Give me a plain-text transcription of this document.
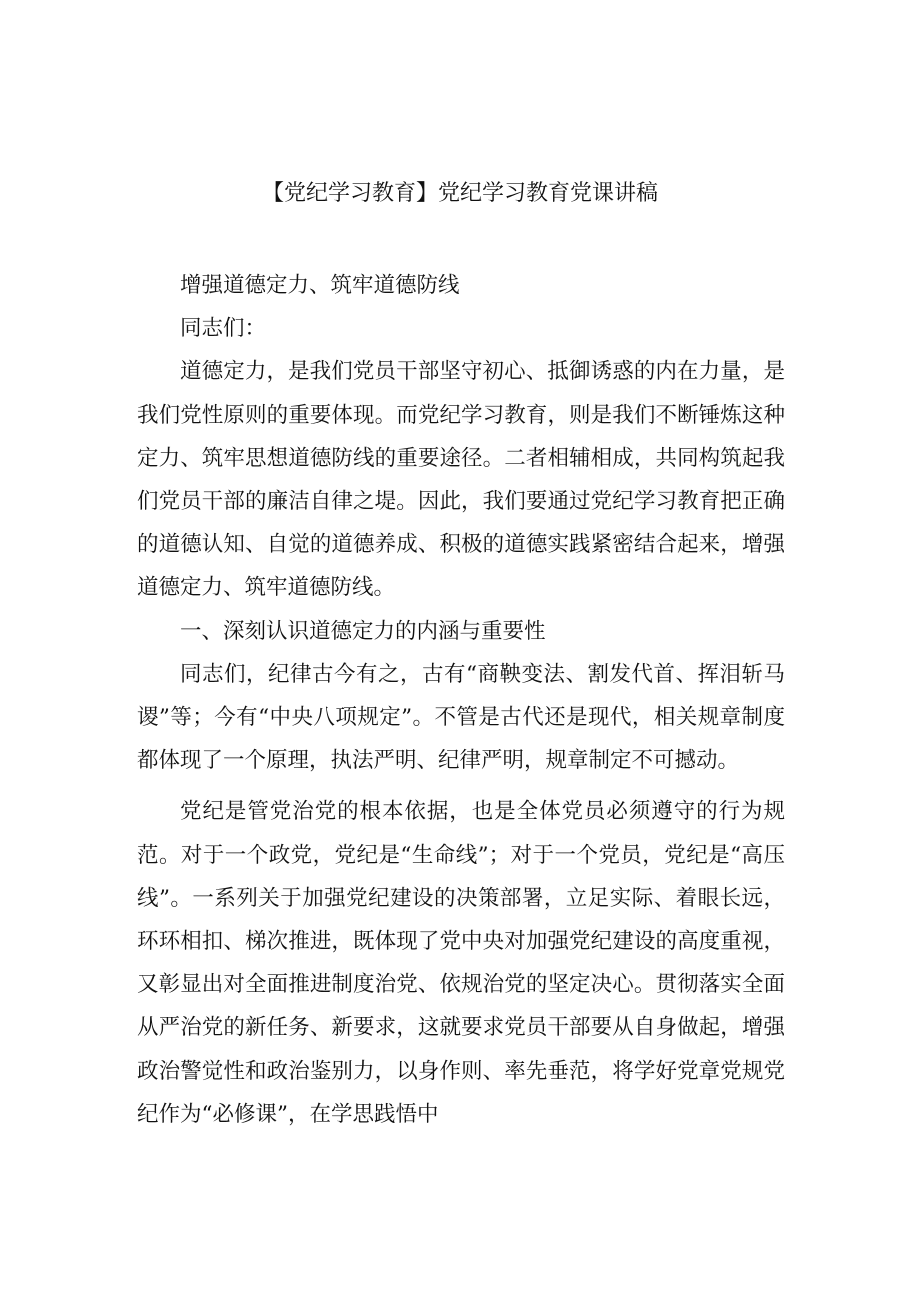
【党纪学习教育】党纪学习教育党课讲稿

增强道德定力、筑牢道德防线

同志们：

道德定力，是我们党员干部坚守初心、抵御诱惑的内在力量，是我们党性原则的重要体现。而党纪学习教育，则是我们不断锤炼这种定力、筑牢思想道德防线的重要途径。二者相辅相成，共同构筑起我们党员干部的廉洁自律之堤。因此，我们要通过党纪学习教育把正确的道德认知、自觉的道德养成、积极的道德实践紧密结合起来，增强道德定力、筑牢道德防线。

一、深刻认识道德定力的内涵与重要性

同志们，纪律古今有之，古有“商鞅变法、割发代首、挥泪斩马谡”等；今有“中央八项规定”。不管是古代还是现代，相关规章制度都体现了一个原理，执法严明、纪律严明，规章制定不可撼动。

党纪是管党治党的根本依据，也是全体党员必须遵守的行为规范。对于一个政党，党纪是“生命线”；对于一个党员，党纪是“高压线”。一系列关于加强党纪建设的决策部署，立足实际、着眼长远，环环相扣、梯次推进，既体现了党中央对加强党纪建设的高度重视，又彰显出对全面推进制度治党、依规治党的坚定决心。贯彻落实全面从严治党的新任务、新要求，这就要求党员干部要从自身做起，增强政治警觉性和政治鉴别力，以身作则、率先垂范，将学好党章党规党纪作为“必修课”，在学思践悟中
